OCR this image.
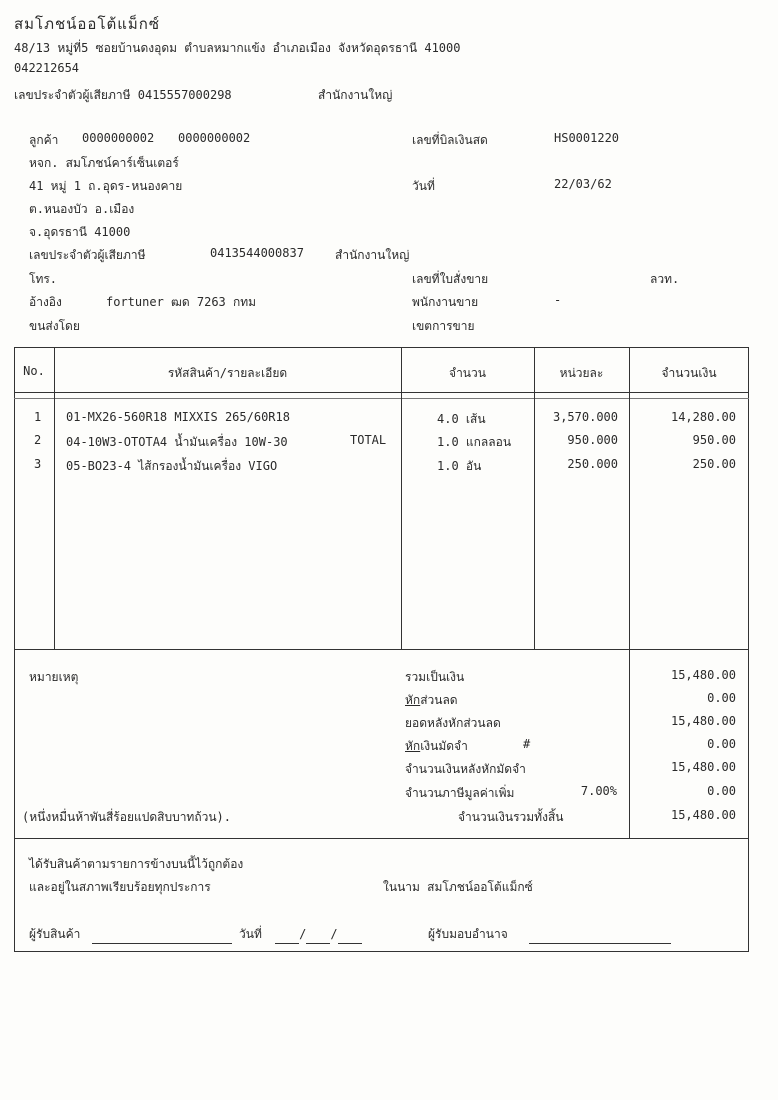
สมโภชน์ออโต้แม็กซ์
48/13 หมู่ที่5 ซอยบ้านดงอุดม ตำบลหมากแข้ง อำเภอเมือง จังหวัดอุดรธานี 41000
042212654
เลขประจำตัวผู้เสียภาษี 0415557000298	สำนักงานใหญ่
ลูกค้า 0000000002 0000000002
หจก. สมโภชน์คาร์เซ็นเตอร์
41 หมู่ 1 ถ.อุดร-หนองคาย
ต.หนองบัว อ.เมือง
จ.อุดรธานี 41000
เลขประจำตัวผู้เสียภาษี	0413544000837	สำนักงานใหญ่
โทร.
อ้างอิง	fortuner ฒด 7263 กทม
ขนส่งโดย
เลขที่บิลเงินสด	HS0001220
วันที่	22/03/62
เลขที่ใบสั่งขาย	ลวท.
พนักงานขาย	-
เขตการขาย
No.	รหัสสินค้า/รายละเอียด	จำนวน	หน่วยละ	จำนวนเงิน
1 01-MX26-560R18 MIXXIS 265/60R18	4.0 เส้น	3,570.000	14,280.00
2 04-10W3-OTOTA4 น้ำมันเครื่อง 10W-30	TOTAL	1.0 แกลลอน	950.000	950.00
3 05-BO23-4 ไส้กรองน้ำมันเครื่อง VIGO	1.0 อัน	250.000	250.00
หมายเหตุ
(หนึ่งหมื่นห้าพันสี่ร้อยแปดสิบบาทถ้วน).
รวมเป็นเงิน	15,480.00
หักส่วนลด	0.00
ยอดหลังหักส่วนลด	15,480.00
หักเงินมัดจำ	#	0.00
จำนวนเงินหลังหักมัดจำ	15,480.00
จำนวนภาษีมูลค่าเพิ่ม	7.00%	0.00
จำนวนเงินรวมทั้งสิ้น	15,480.00
ได้รับสินค้าตามรายการข้างบนนี้ไว้ถูกต้อง
และอยู่ในสภาพเรียบร้อยทุกประการ	ในนาม สมโภชน์ออโต้แม็กซ์
ผู้รับสินค้า	วันที่	/ /	ผู้รับมอบอำนาจ
